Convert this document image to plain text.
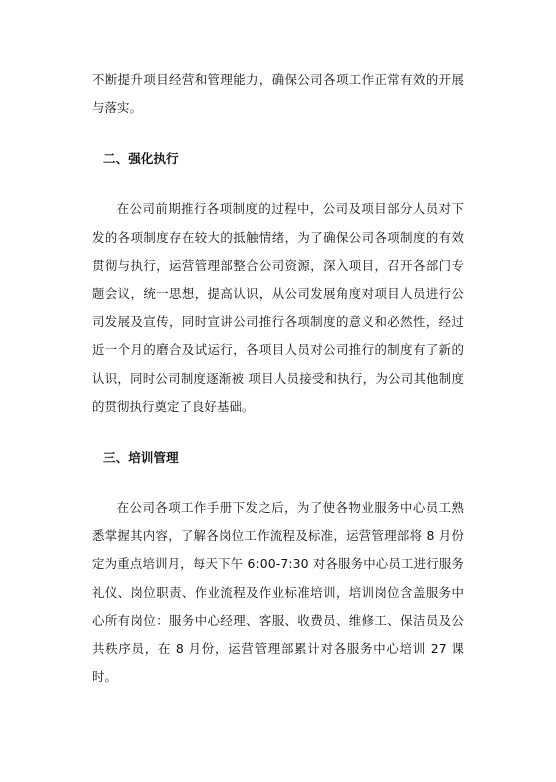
不断提升项目经营和管理能力，确保公司各项工作正常有效的开展与落实。

二、强化执行

在公司前期推行各项制度的过程中，公司及项目部分人员对下发的各项制度存在较大的抵触情绪，为了确保公司各项制度的有效贯彻与执行，运营管理部整合公司资源，深入项目，召开各部门专题会议，统一思想，提高认识，从公司发展角度对项目人员进行公司发展及宣传，同时宣讲公司推行各项制度的意义和必然性，经过近一个月的磨合及试运行，各项目人员对公司推行的制度有了新的认识，同时公司制度逐渐被 项目人员接受和执行，为公司其他制度的贯彻执行奠定了良好基础。

三、培训管理

在公司各项工作手册下发之后，为了使各物业服务中心员工熟悉掌握其内容，了解各岗位工作流程及标准，运营管理部将 8 月份定为重点培训月，每天下午 6:00-7:30 对各服务中心员工进行服务礼仪、岗位职责、作业流程及作业标准培训，培训岗位含盖服务中心所有岗位：服务中心经理、客服、收费员、维修工、保洁员及公共秩序员，在 8 月份，运营管理部累计对各服务中心培训 27 课时。
